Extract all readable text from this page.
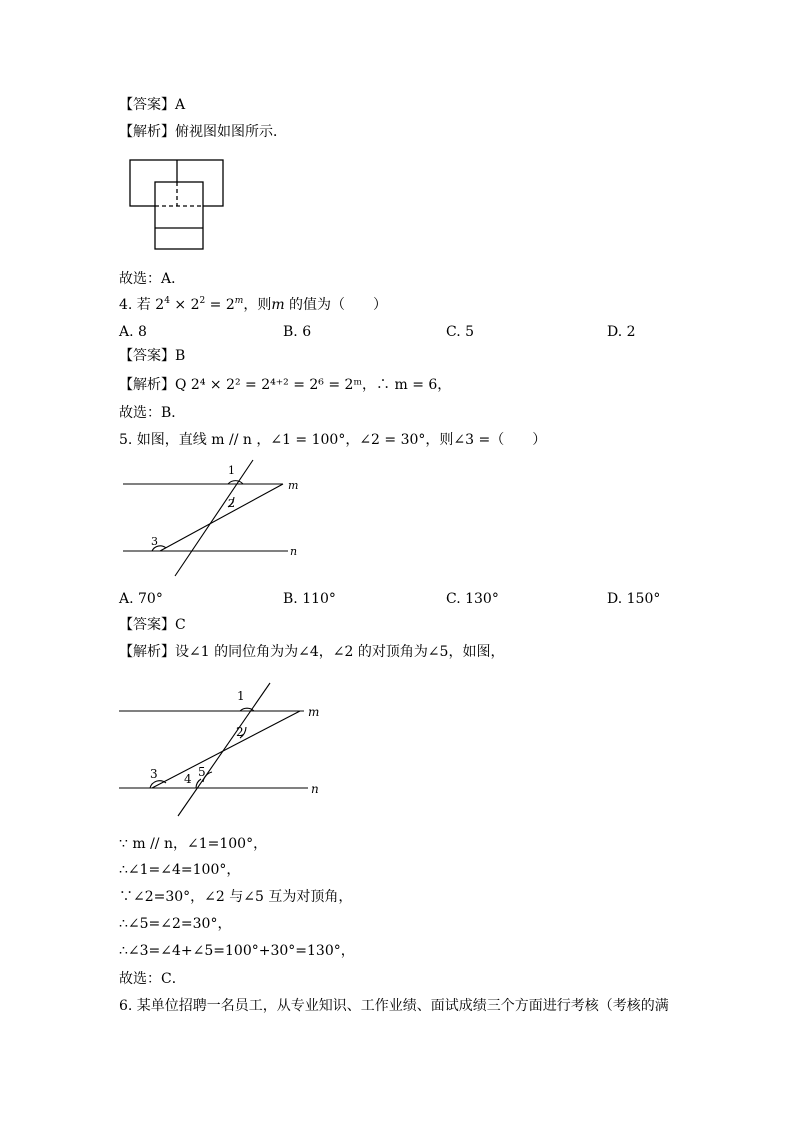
【答案】A
【解析】俯视图如图所示．
故选：A．
4. 若 $2^4 \times 2^2 = 2^m$，则m 的值为（　　）
A. 8	B. 6	C. 5	D. 2
【答案】B
【解析】Q 2⁴ × 2² = 2⁴⁺² = 2⁶ = 2ᵐ，∴ m = 6，
故选：B．
5. 如图，直线 m // n ，∠1 = 100°，∠2 = 30°，则∠3 =（　　）
1
2
3
m
n
A. 70°	B. 110°	C. 130°	D. 150°
【答案】C
【解析】设∠1 的同位角为为∠4，∠2 的对顶角为∠5，如图，
1
2
3 4 5
m
n
∵ m // n，∠1=100°，
∴∠1=∠4=100°，
∵∠2=30°，∠2 与∠5 互为对顶角，
∴∠5=∠2=30°，
∴∠3=∠4+∠5=100°+30°=130°，
故选：C．
6. 某单位招聘一名员工，从专业知识、工作业绩、面试成绩三个方面进行考核（考核的满
